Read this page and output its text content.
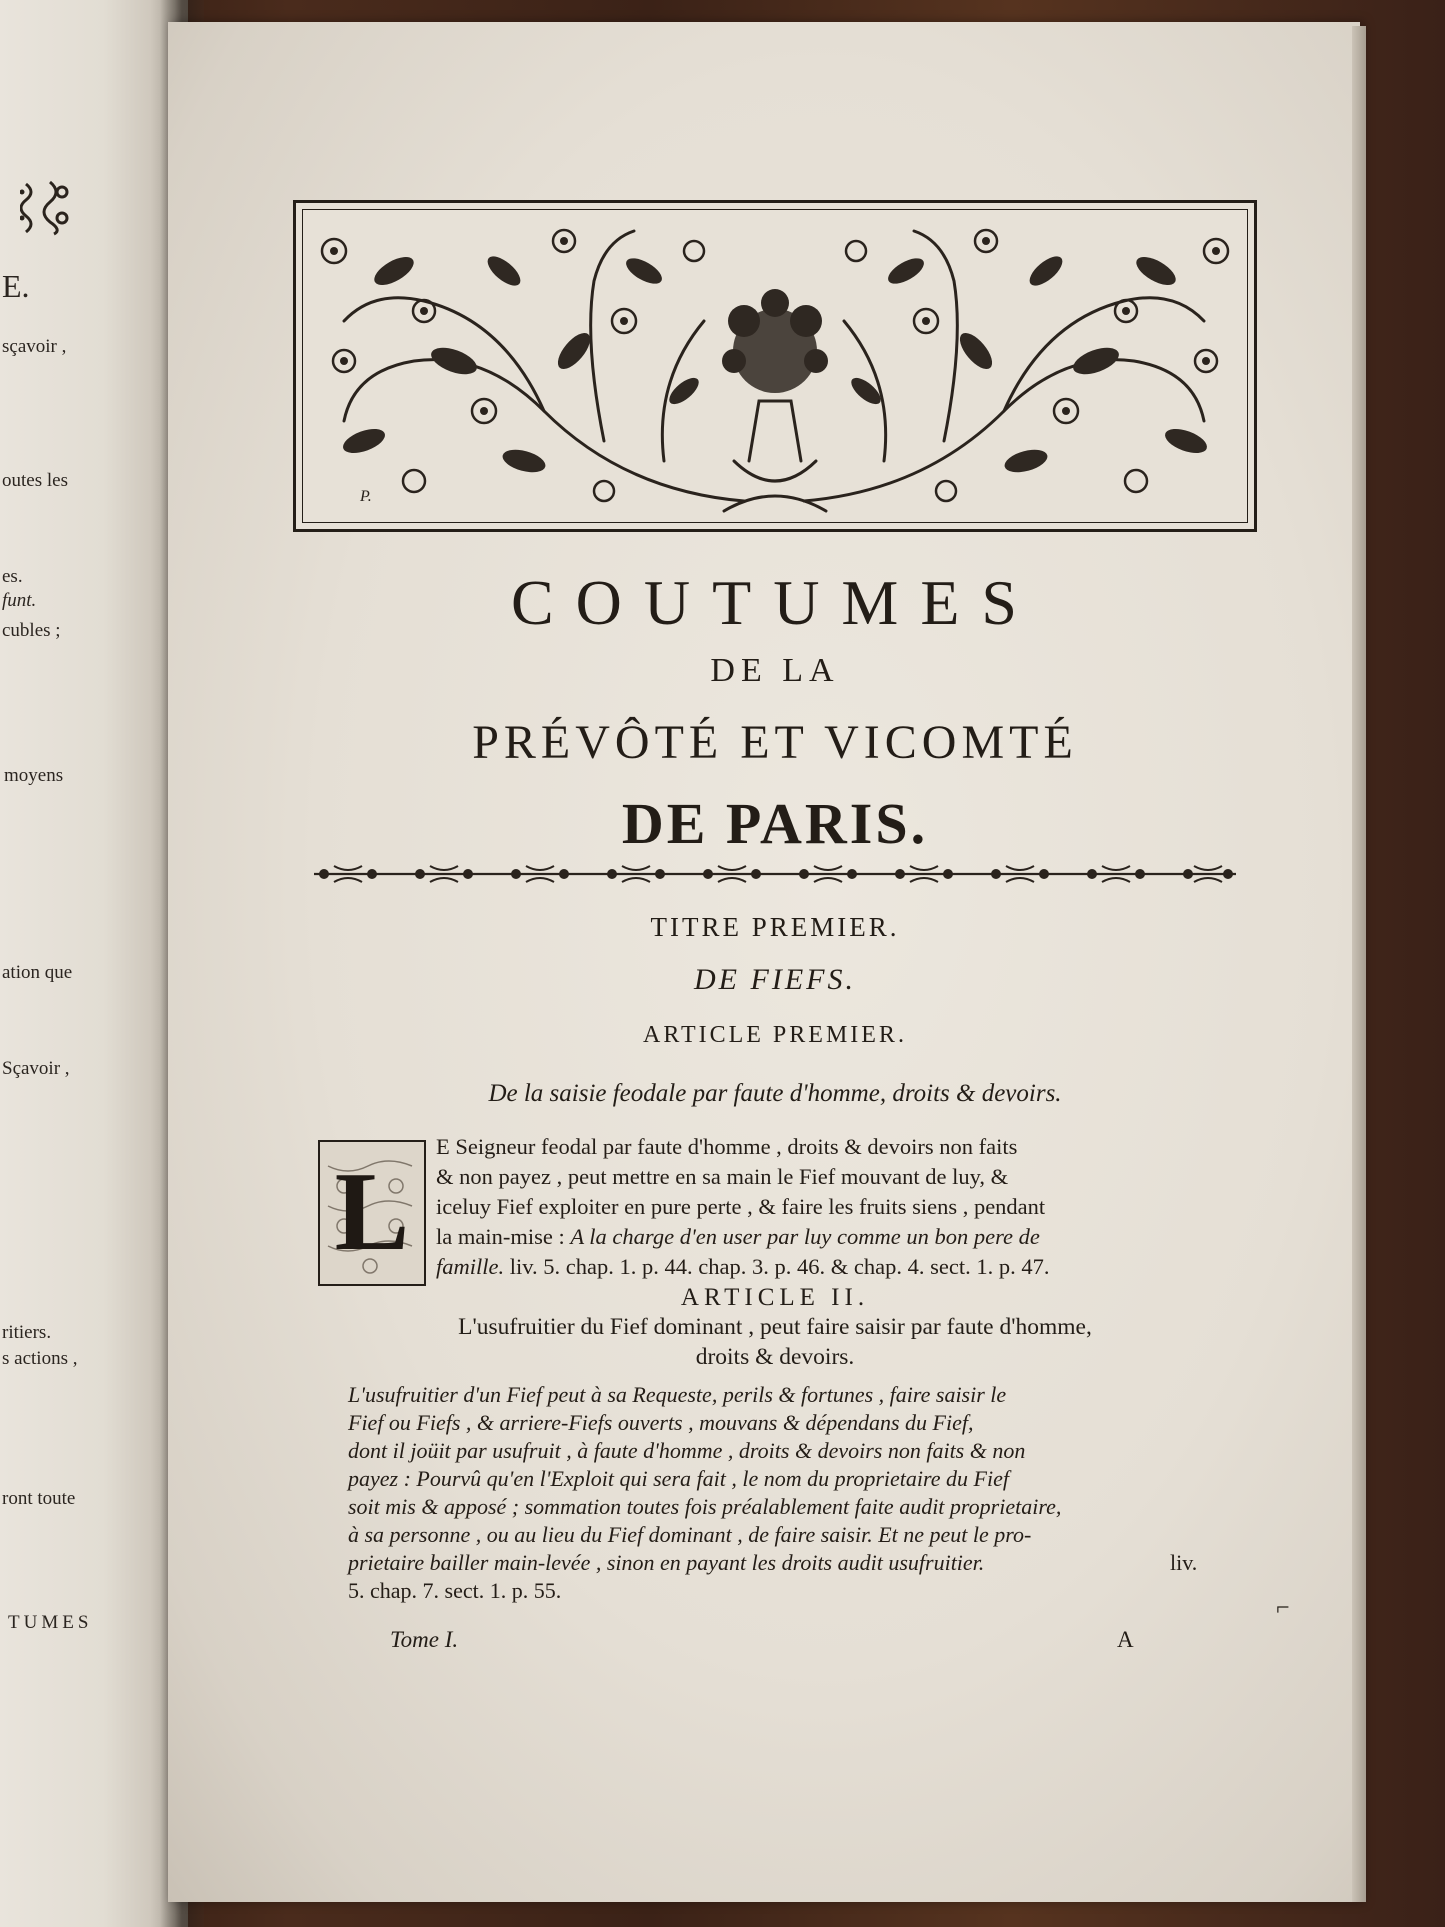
E.
sçavoir ,
outes les
es.
funt.
cubles ;
moyens
ation que
Sçavoir ,
ritiers.
s actions ,
ront toute
TUMES
P.
COUTUMES
DE LA
PRÉVÔTÉ ET VICOMTÉ
DE PARIS.
TITRE PREMIER.
DE FIEFS.
ARTICLE PREMIER.
De la saisie feodale par faute d'homme, droits & devoirs.
L
E Seigneur feodal par faute d'homme , droits & devoirs non faits
& non payez , peut mettre en sa main le Fief mouvant de luy, &
iceluy Fief exploiter en pure perte , & faire les fruits siens , pendant
la main-mise : A la charge d'en user par luy comme un bon pere de
famille. liv. 5. chap. 1. p. 44. chap. 3. p. 46. & chap. 4. sect. 1. p. 47.
ARTICLE II.
L'usufruitier du Fief dominant , peut faire saisir par faute d'homme,
droits & devoirs.
L'usufruitier d'un Fief peut à sa Requeste, perils & fortunes , faire saisir le
Fief ou Fiefs , & arriere-Fiefs ouverts , mouvans & dépendans du Fief,
dont il joüit par usufruit , à faute d'homme , droits & devoirs non faits & non
payez : Pourvû qu'en l'Exploit qui sera fait , le nom du proprietaire du Fief
soit mis & apposé ; sommation toutes fois préalablement faite audit proprietaire,
à sa personne , ou au lieu du Fief dominant , de faire saisir. Et ne peut le pro-
prietaire bailler main-levée , sinon en payant les droits audit usufruitier.	liv.
5. chap. 7. sect. 1. p. 55.
Tome I.	A
⌐
